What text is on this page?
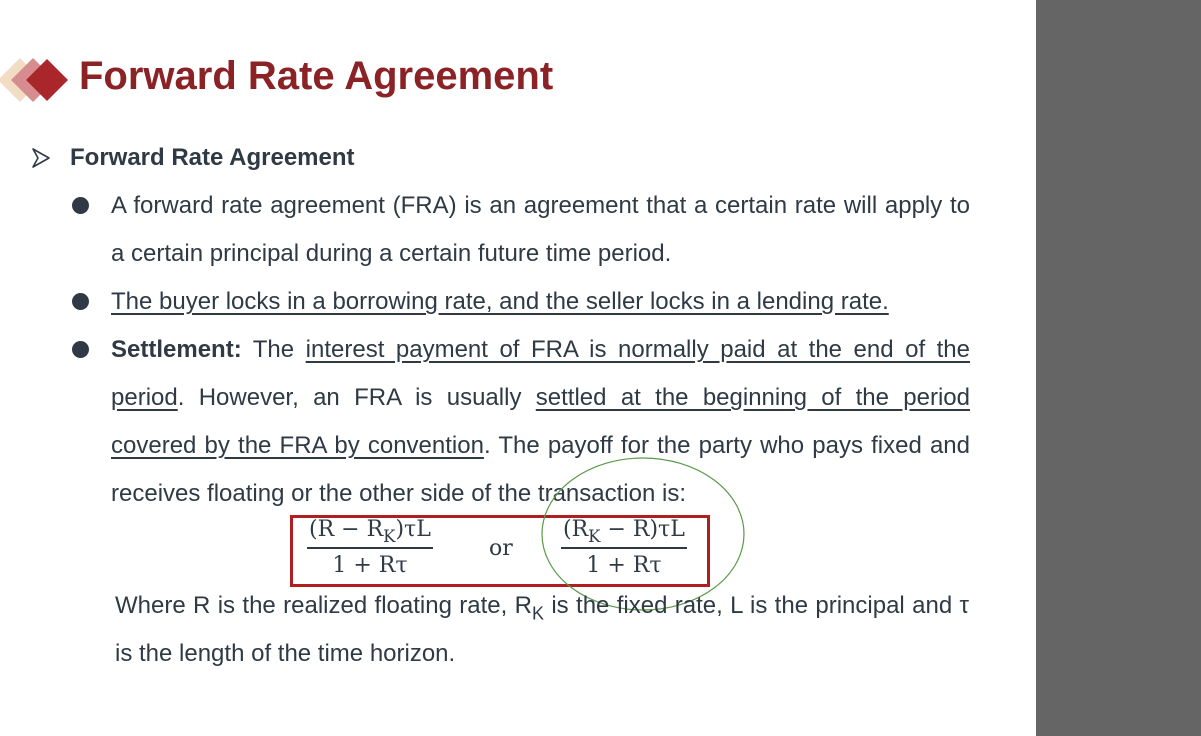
Forward Rate Agreement
Forward Rate Agreement
A forward rate agreement (FRA) is an agreement that a certain rate will apply to a certain principal during a certain future time period.
The buyer locks in a borrowing rate, and the seller locks in a lending rate.
Settlement: The interest payment of FRA is normally paid at the end of the period. However, an FRA is usually settled at the beginning of the period covered by the FRA by convention. The payoff for the party who pays fixed and receives floating or the other side of the transaction is:
$\frac{(R - R_K)\tau L}{1 + R\tau}$	or $\frac{(R_K - R)\tau L}{1 + R\tau}$

Where R is the realized floating rate, $R_K$ is the fixed rate, L is the principal and τ is the length of the time horizon.
